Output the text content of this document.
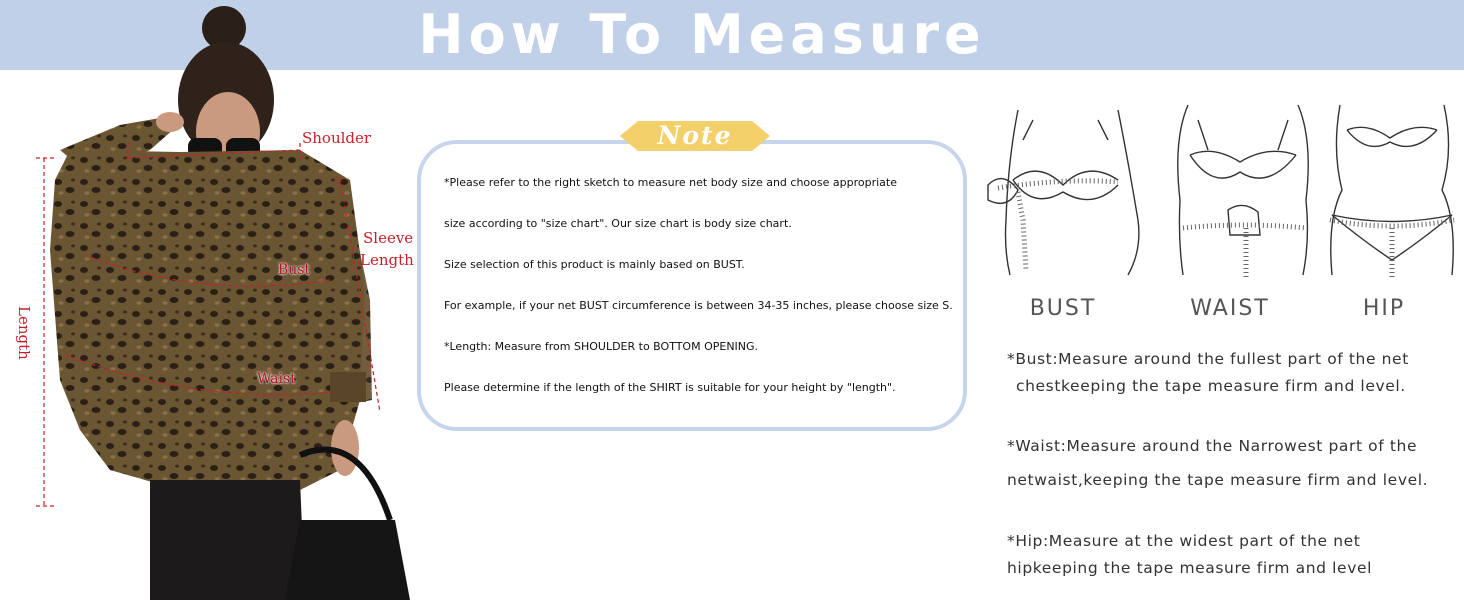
How To Measure
Shoulder
Sleeve
Length
Bust
Waist
Length
Note
*Please refer to the right sketch to measure net body size and choose appropriate
size according to "size chart". Our size chart is body size chart.
Size selection of this product is mainly based on BUST.
For example, if your net BUST circumference is between 34-35 inches, please choose size S.
*Length: Measure from SHOULDER to BOTTOM OPENING.
Please determine if the length of the SHIRT is suitable for your height by "length".
BUST	WAIST	HIP
*Bust:Measure around the fullest part of the net
chestkeeping the tape measure firm and level.
*Waist:Measure around the Narrowest part of the
netwaist,keeping the tape measure firm and level.
*Hip:Measure at the widest part of the net
hipkeeping the tape measure firm and level
